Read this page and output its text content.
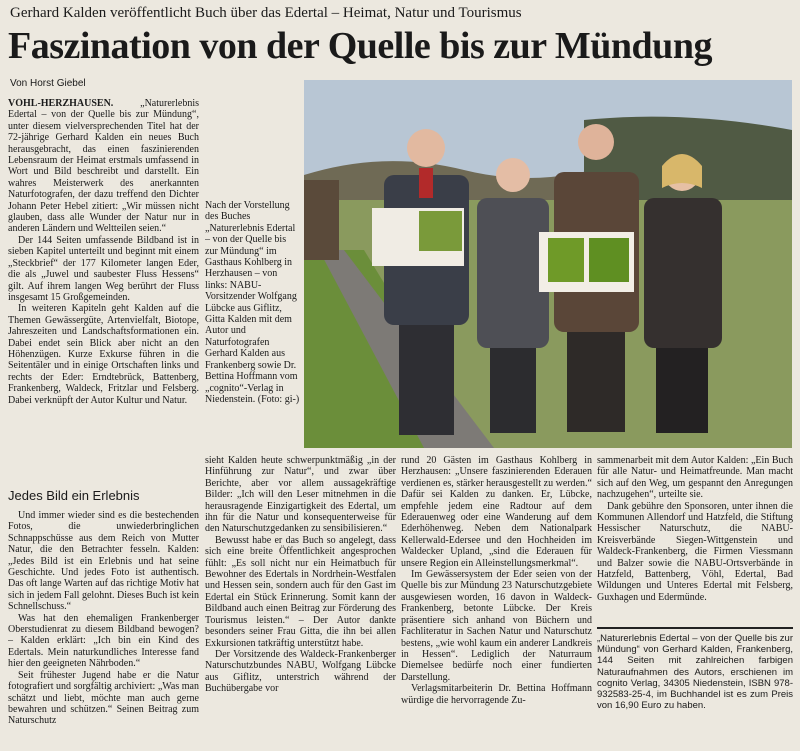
Gerhard Kalden veröffentlicht Buch über das Edertal – Heimat, Natur und Tourismus
Faszination von der Quelle bis zur Mündung
Von Horst Giebel

VÖHL-HERZHAUSEN. „Naturerlebnis Edertal – von der Quelle bis zur Mündung“, unter diesem vielversprechenden Titel hat der 72-jährige Gerhard Kalden ein neues Buch herausgebracht, das einen faszinierenden Lebensraum der Heimat erstmals umfassend in Wort und Bild beschreibt und darstellt. Ein wahres Meisterwerk des anerkannten Naturfotografen, der dazu treffend den Dichter Johann Peter Hebel zitiert: „Wir müssen nicht glauben, dass alle Wunder der Natur nur in anderen Ländern und Weltteilen seien.“

Der 144 Seiten umfassende Bildband ist in sieben Kapitel unterteilt und beginnt mit einem „Steckbrief“ der 177 Kilometer langen Eder, die als „Juwel und saubester Fluss Hessens“ gilt. Auf ihrem langen Weg berührt der Fluss insgesamt 15 Großgemeinden.

In weiteren Kapiteln geht Kalden auf die Themen Gewässergüte, Artenvielfalt, Biotope, Jahreszeiten und Landschaftsformationen ein. Dabei endet sein Blick aber nicht an den Höhenzügen. Kurze Exkurse führen in die Seitentäler und in einige Ortschaften links und rechts der Eder: Erndtebrück, Battenberg, Frankenberg, Waldeck, Fritzlar und Felsberg. Dabei verknüpft der Autor Kultur und Natur.

Jedes Bild ein Erlebnis

Und immer wieder sind es die bestechenden Fotos, die unwiederbringlichen Schnappschüsse aus dem Reich von Mutter Natur, die den Betrachter fesseln. Kalden: „Jedes Bild ist ein Erlebnis und hat seine Geschichte. Und jedes Foto ist authentisch. Das oft lange Warten auf das richtige Motiv hat sich in jedem Fall gelohnt. Dieses Buch ist kein Schnellschuss.“

Was hat den ehemaligen Frankenberger Oberstudienrat zu diesem Bildband bewogen? – Kalden erklärt: „Ich bin ein Kind des Edertals. Mein naturkundliches Interesse fand hier den geeigneten Nährboden.“

Seit frühester Jugend habe er die Natur fotografiert und sorgfältig archiviert: „Was man schätzt und liebt, möchte man auch gerne bewahren und schützen.“ Seinen Beitrag zum Naturschutz

Nach der Vorstellung des Buches „Naturerlebnis Edertal – von der Quelle bis zur Mündung“ im Gasthaus Kohlberg in Herzhausen – von links: NABU-Vorsitzender Wolfgang Lübcke aus Giflitz, Gitta Kalden mit dem Autor und Naturfotografen Gerhard Kalden aus Frankenberg sowie Dr. Bettina Hoffmann vom „cognito“-Verlag in Niedenstein. (Foto: gi-)

sieht Kalden heute schwerpunktmäßig „in der Hinführung zur Natur“, und zwar über Berichte, aber vor allem aussagekräftige Bilder: „Ich will den Leser mitnehmen in die herausragende Einzigartigkeit des Edertal, um ihn für die Natur und konsequenterweise für den Naturschutzgedanken zu sensibilisieren.“

Bewusst habe er das Buch so angelegt, dass sich eine breite Öffentlichkeit angesprochen fühlt: „Es soll nicht nur ein Heimatbuch für Bewohner des Edertals in Nordrhein-Westfalen und Hessen sein, sondern auch für den Gast im Edertal ein Stück Erinnerung. Somit kann der Bildband auch einen Beitrag zur Förderung des Tourismus leisten.“ – Der Autor dankte besonders seiner Frau Gitta, die ihn bei allen Exkursionen tatkräftig unterstützt habe.

Der Vorsitzende des Waldeck-Frankenberger Naturschutzbundes NABU, Wolfgang Lübcke aus Giflitz, unterstrich während der Buchübergabe vor

rund 20 Gästen im Gasthaus Kohlberg in Herzhausen: „Unsere faszinierenden Ederauen verdienen es, stärker herausgestellt zu werden.“ Dafür sei Kalden zu danken. Er, Lübcke, empfehle jedem eine Radtour auf dem Ederauenweg oder eine Wanderung auf dem Ederhöhenweg. Neben dem Nationalpark Kellerwald-Edersee und den Hochheiden im Waldecker Upland, „sind die Ederauen für unsere Region ein Alleinstellungsmerkmal“.

Im Gewässersystem der Eder seien von der Quelle bis zur Mündung 23 Naturschutzgebiete ausgewiesen worden, 16 davon in Waldeck-Frankenberg, betonte Lübcke. Der Kreis präsentiere sich anhand von Büchern und Fachliteratur in Sachen Natur und Naturschutz bestens, „wie wohl kaum ein anderer Landkreis in Hessen“. Lediglich der Naturraum Diemelsee bedürfe noch einer fundierten Darstellung.

Verlagsmitarbeiterin Dr. Bettina Hoffmann würdige die hervorragende Zu-

sammenarbeit mit dem Autor Kalden: „Ein Buch für alle Natur- und Heimatfreunde. Man macht sich auf den Weg, um gespannt den Anregungen nachzugehen“, urteilte sie.

Dank gebühre den Sponsoren, unter ihnen die Kommunen Allendorf und Hatzfeld, die Stiftung Hessischer Naturschutz, die NABU-Kreisverbände Siegen-Wittgenstein und Waldeck-Frankenberg, die Firmen Viessmann und Balzer sowie die NABU-Ortsverbände in Hatzfeld, Battenberg, Vöhl, Edertal, Bad Wildungen und Unteres Edertal mit Felsberg, Guxhagen und Edermünde.

„Naturerlebnis Edertal – von der Quelle bis zur Mündung“ von Gerhard Kalden, Frankenberg, 144 Seiten mit zahlreichen farbigen Naturaufnahmen des Autors, erschienen im cognito Verlag, 34305 Niedenstein, ISBN 978-932583-25-4, im Buchhandel ist es zum Preis von 16,90 Euro zu haben.
